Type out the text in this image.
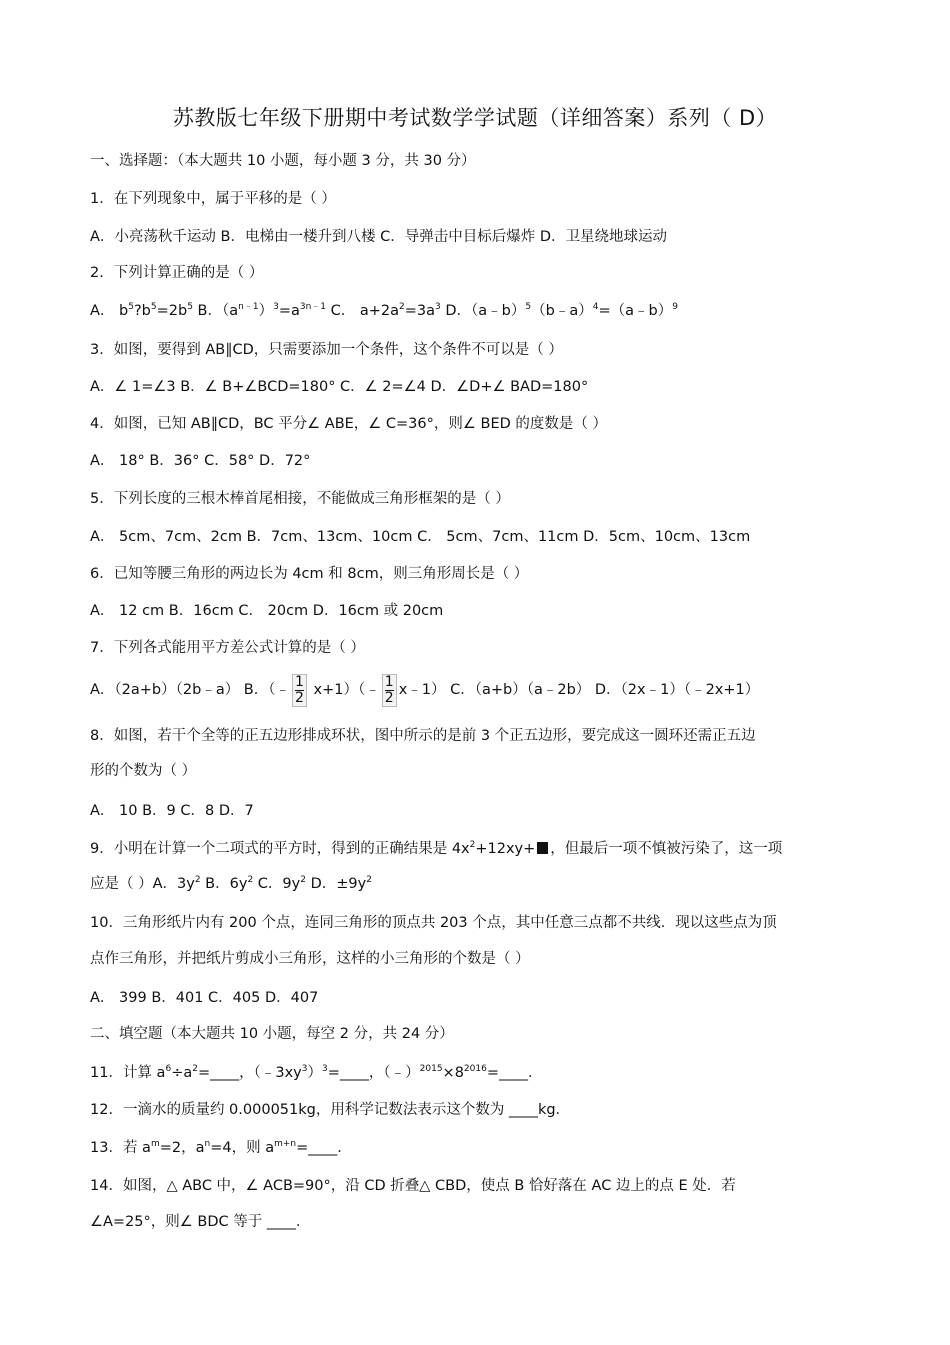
苏教版七年级下册期中考试数学学试题（详细答案）系列（ D）
一、选择题：（本大题共 10 小题，每小题 3 分，共 30 分）
1．在下列现象中，属于平移的是（ ）
A．小亮荡秋千运动 B．电梯由一楼升到八楼 C．导弹击中目标后爆炸 D．卫星绕地球运动
2．下列计算正确的是（ ）
A． $b^5?b^5=2b^5$ B．$(a^{n﹣1})^3=a^{3n﹣1}$ C． $a+2a^2=3a^3$ D．（a﹣b）$^5$（b﹣a）$^4$=（a﹣b）$^9$
3．如图，要得到 AB∥CD，只需要添加一个条件，这个条件不可以是（ ）
A．∠ 1=∠3 B．∠ B+∠BCD=180° C．∠ 2=∠4 D．∠D+∠ BAD=180°
4．如图，已知 AB∥CD，BC 平分∠ ABE，∠ C=36°，则∠ BED 的度数是（ ）
A． 18° B．36° C．58° D．72°
5．下列长度的三根木棒首尾相接，不能做成三角形框架的是（ ）
A． 5cm、7cm、2cm B．7cm、13cm、10cm C． 5cm、7cm、11cm D．5cm、10cm、13cm
6．已知等腰三角形的两边长为 4cm 和 8cm，则三角形周长是（ ）
A． 12 cm B．16cm C． 20cm D．16cm 或 20cm
7．下列各式能用平方差公式计算的是（ ）
A．（2a+b）（2b﹣a） B．（﹣ $\frac{1}{2}$ x+1）（﹣ $\frac{1}{2}$ x﹣1） C．（a+b）（a﹣2b） D．（2x﹣1）（﹣2x+1）
8．如图，若干个全等的正五边形排成环状，图中所示的是前 3 个正五边形，要完成这一圆环还需正五边
形的个数为（ ）
A． 10 B．9 C．8 D．7
9．小明在计算一个二项式的平方时，得到的正确结果是 $4x^2+12xy+$ ，但最后一项不慎被污染了，这一项
应是（ ）A．$3y^2$ B．$6y^2$ C．$9y^2$ D．$\pm 9y^2$
10．三角形纸片内有 200 个点，连同三角形的顶点共 203 个点，其中任意三点都不共线．现以这些点为顶
点作三角形，并把纸片剪成小三角形，这样的小三角形的个数是（ ）
A． 399 B．401 C．405 D．407
二、填空题（本大题共 10 小题，每空 2 分，共 24 分）
11．计算 $a^6\div a^2=\_\_\_\_$，$(﹣3xy^3)^3=\_\_\_\_$，$(﹣)^{2015}\times 8^{2016}=\_\_\_\_$．
12．一滴水的质量约 0.000051kg，用科学记数法表示这个数为 ____kg．
13．若 $a^m=2$，$a^n=4$，则 $a^{m+n}=\_\_\_\_$．
14．如图，△ ABC 中，∠ ACB=90°，沿 CD 折叠△ CBD，使点 B 恰好落在 AC 边上的点 E 处．若
∠A=25°，则∠ BDC 等于 ____．
